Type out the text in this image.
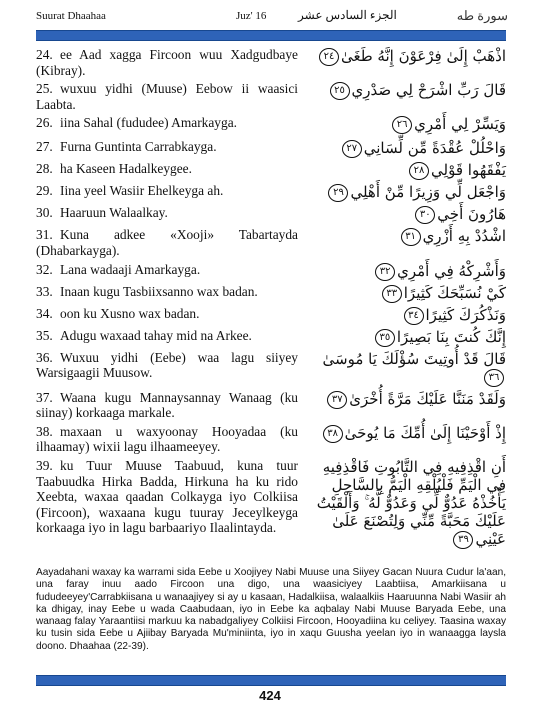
Suurat Dhaahaa	Juz' 16	الجزء السادس عشر	سورة طه
24. ee Aad xagga Fircoon wuu Xadgudbaye (Kibray).
اذْهَبْ إِلَىٰ فِرْعَوْنَ إِنَّهُ طَغَىٰ٢٤
25. wuxuu yidhi (Muuse) Eebow ii waasici Laabta.
قَالَ رَبِّ اشْرَحْ لِي صَدْرِي٢٥
26. iina Sahal (fududee) Amarkayga.	وَيَسِّرْ لِي أَمْرِي٢٦
27. Furna Guntinta Carrabkayga.	وَاحْلُلْ عُقْدَةً مِّن لِّسَانِي٢٧
28. ha Kaseen Hadalkeygee.	يَفْقَهُوا قَوْلِي٢٨
29. Iina yeel Wasiir Ehelkeyga ah.	وَاجْعَل لِّي وَزِيرًا مِّنْ أَهْلِي٢٩
30. Haaruun Walaalkay.	هَارُونَ أَخِي٣٠
31. Kuna adkee «Xooji» Tabartayda (Dhabarkayga).
اشْدُدْ بِهِ أَزْرِي٣١
32. Lana wadaaji Amarkayga.	وَأَشْرِكْهُ فِي أَمْرِي٣٢
33. Inaan kugu Tasbiixsanno wax badan.	كَيْ نُسَبِّحَكَ كَثِيرًا٣٣
34. oon ku Xusno wax badan.	وَنَذْكُرَكَ كَثِيرًا٣٤
35. Adugu waxaad tahay mid na Arkee.	إِنَّكَ كُنتَ بِنَا بَصِيرًا٣٥
36. Wuxuu yidhi (Eebe) waa lagu siiyey Warsigaagii Muusow.
قَالَ قَدْ أُوتِيتَ سُؤْلَكَ يَا مُوسَىٰ٣٦
37. Waana kugu Mannaysannay Wanaag (ku siinay) korkaaga markale.
وَلَقَدْ مَنَنَّا عَلَيْكَ مَرَّةً أُخْرَىٰ٣٧
38. maxaan u waxyoonay Hooyadaa (ku ilhaamay) wixii lagu ilhaameeyey.
إِذْ أَوْحَيْنَا إِلَىٰ أُمِّكَ مَا يُوحَىٰ٣٨
39. ku Tuur Muuse Taabuud, kuna tuur Taabuudka Hirka Badda, Hirkuna ha ku rido Xeebta, waxaa qaadan Colkayga iyo Colkiisa (Fircoon), waxaana kugu tuuray Jeceylkeyga korkaaga iyo in lagu barbaariyo Ilaalintayda.
أَنِ اقْذِفِيهِ فِي التَّابُوتِ فَاقْذِفِيهِ فِي الْيَمِّ فَلْيُلْقِهِ الْيَمُّ بِالسَّاحِلِ يَأْخُذْهُ عَدُوٌّ لِّي وَعَدُوٌّ لَّهُ ۚ وَأَلْقَيْتُ عَلَيْكَ مَحَبَّةً مِّنِّي وَلِتُصْنَعَ عَلَىٰ عَيْنِي٣٩
Aayadahani waxay ka warrami sida Eebe u Xoojiyey Nabi Muuse una Siiyey Gacan Nuura Cudur la'aan, una faray inuu aado Fircoon una digo, una waasiciyey Laabtiisa, Amarkiisana u fududeeyey'Carrabkiisana u wanaajiyey si ay u kasaan, Hadalkiisa, walaalkiis Haaruunna Nabi Wasiir ah ka dhigay, inay Eebe u wada Caabudaan, iyo in Eebe ka aqbalay Nabi Muuse Baryada Eebe, una wanaag falay Yaraantiisi markuu ka nabadgaliyey Colkiisi Fircoon, Hooyadiina ku celiyey. Taasina waxay ku tusin sida Eebe u Ajiibay Baryada Mu'miniinta, iyo in xaqu Guusha yeelan iyo in wanaagga laysla doono. Dhaahaa (22-39).
424
